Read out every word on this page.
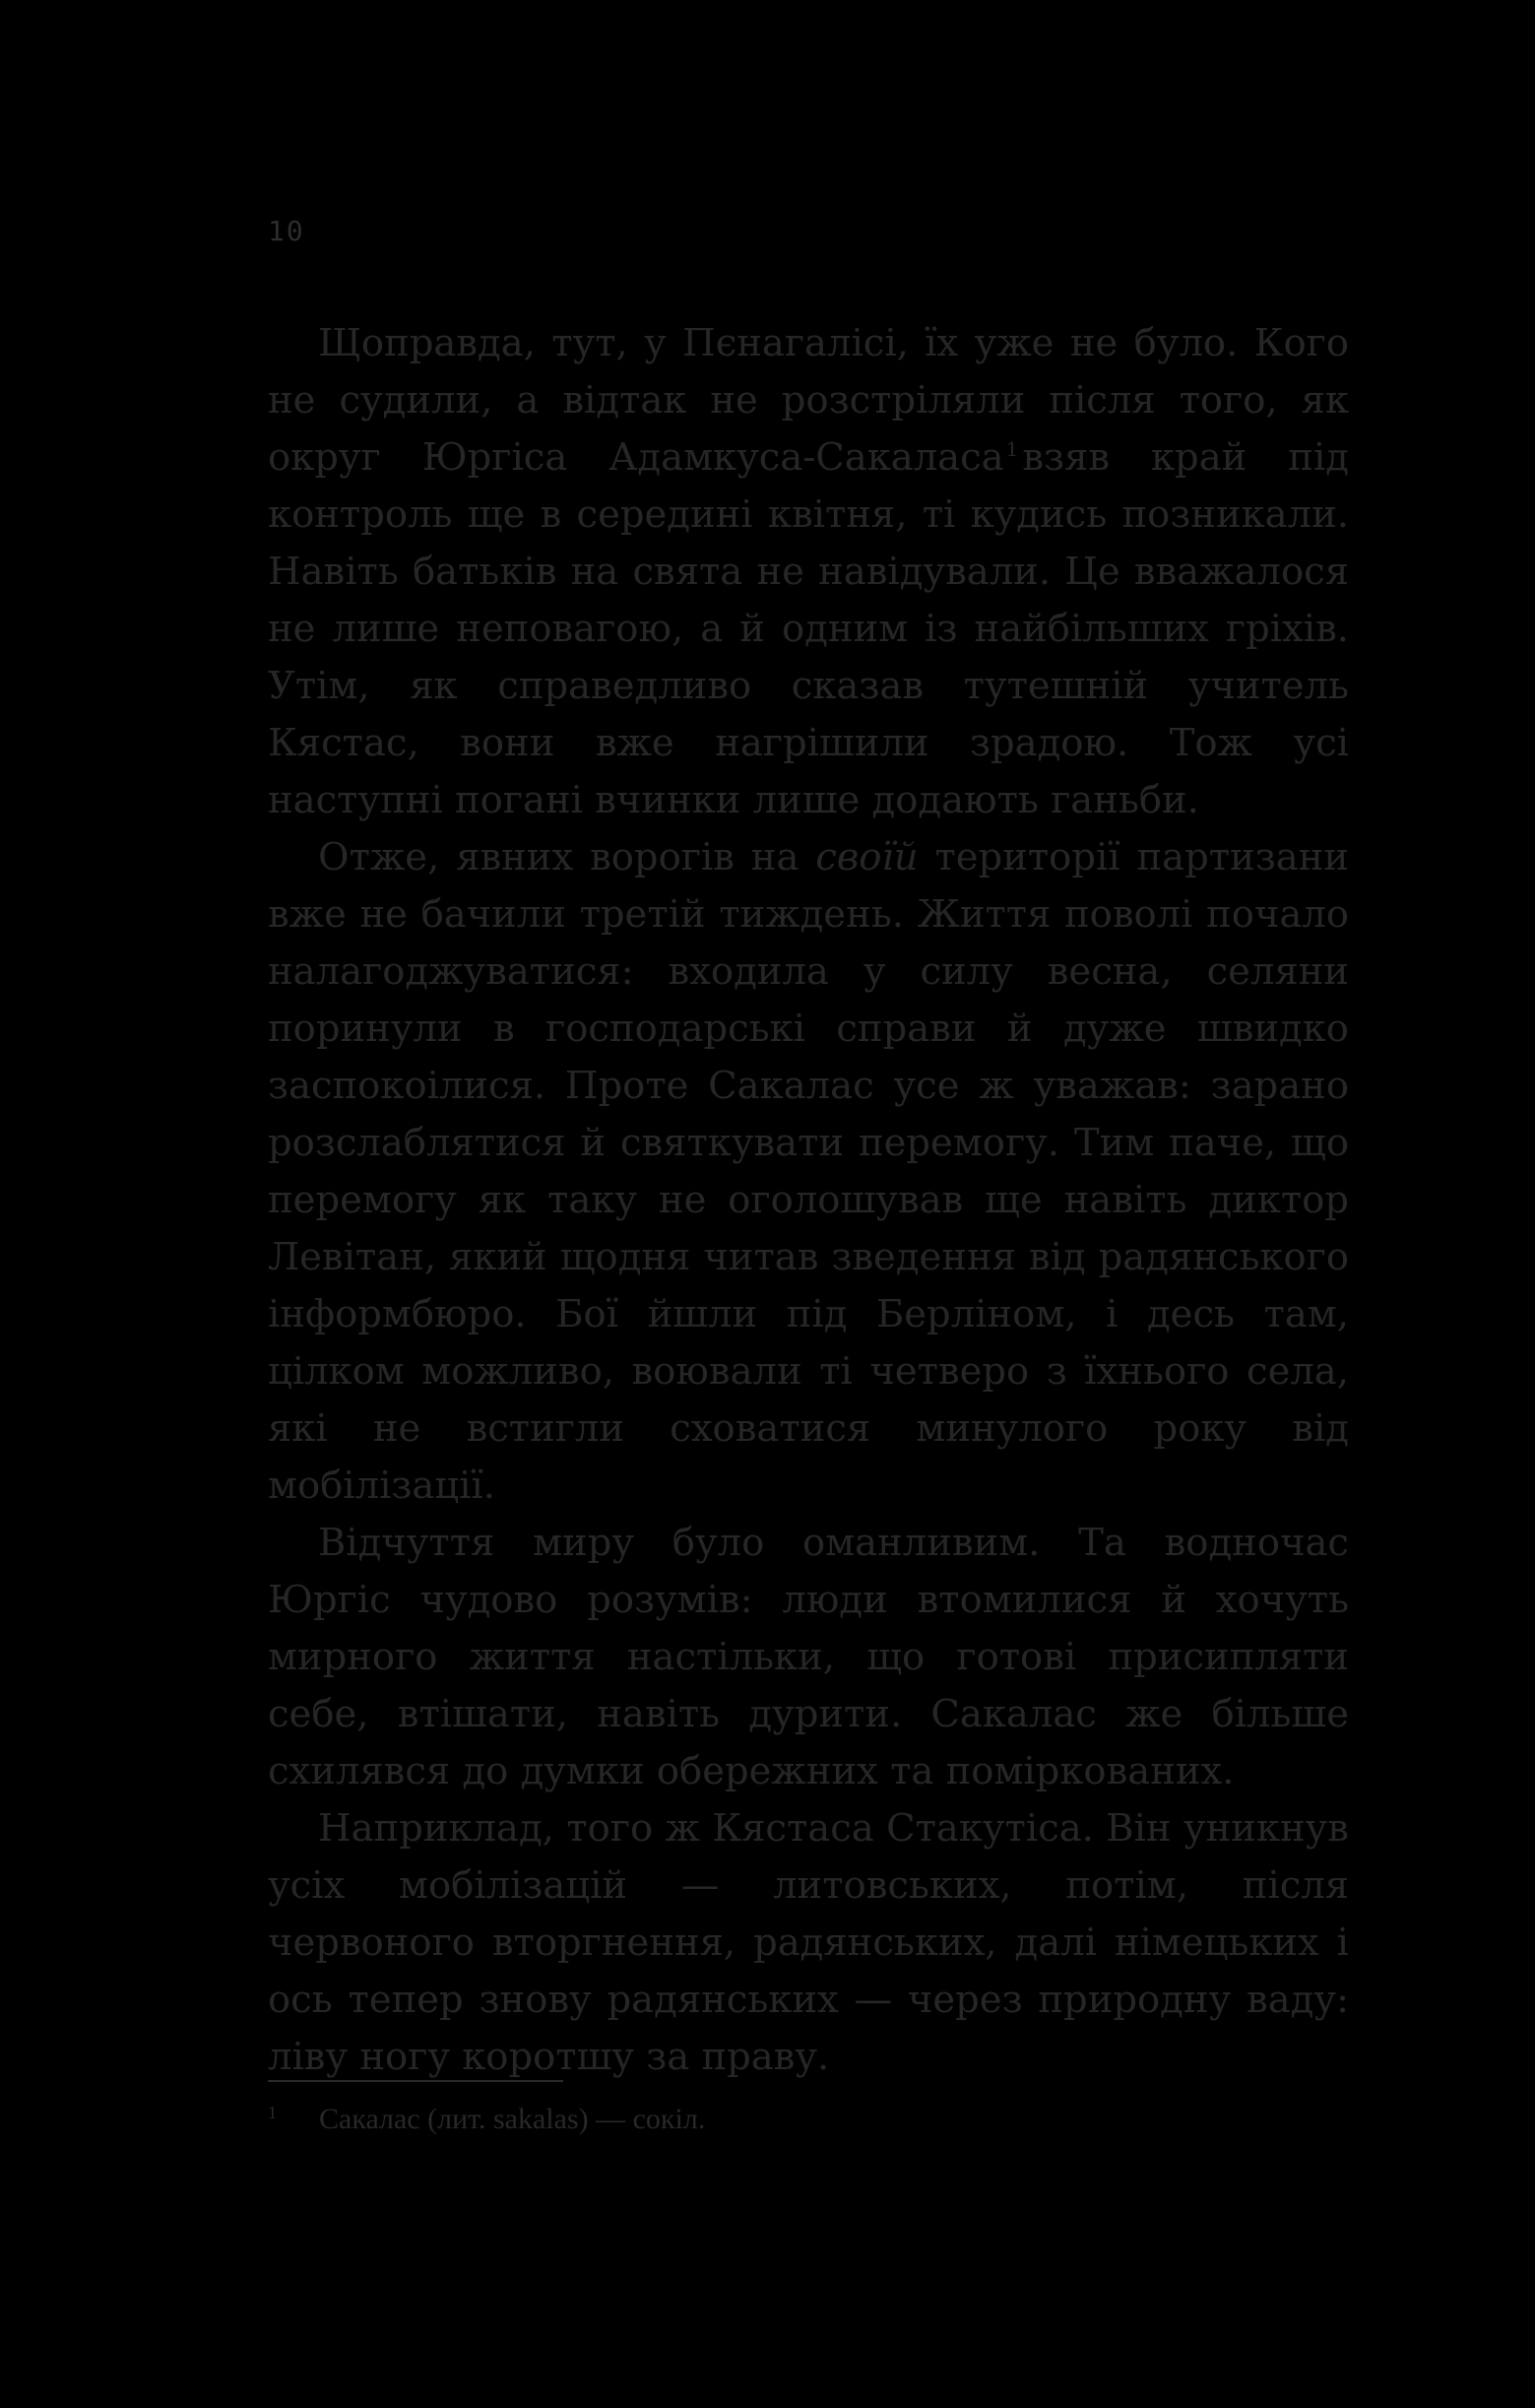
10

Щоправда, тут, у Пєнагалісі, їх уже не було. Кого не судили, а відтак не розстріляли після того, як округ Юргіса Адамкуса-Сакаласа $^1$ взяв край під контроль ще в середині квітня, ті кудись позникали. Навіть батьків на свята не навідували. Це вважалося не лише неповагою, а й одним із найбільших гріхів. Утім, як справедливо сказав тутешній учитель Кястас, вони вже нагрішили зрадою. Тож усі наступні погані вчинки лише додають ганьби.

Отже, явних ворогів на своїй території партизани вже не бачили третій тиждень. Життя поволі почало налагоджуватися: входила у силу весна, селяни поринули в господарські справи й дуже швидко заспокоілися. Проте Сакалас усе ж уважав: зарано розслаблятися й святкувати перемогу. Тим паче, що перемогу як таку не оголошував ще навіть диктор Левітан, який щодня читав зведення від радянського інформбюро. Бої йшли під Берліном, і десь там, цілком можливо, воювали ті четверо з їхнього села, які не встигли сховатися минулого року від мобілізації.

Відчуття миру було оманливим. Та водночас Юргіс чудово розумів: люди втомилися й хочуть мирного життя настільки, що готові присипляти себе, втішати, навіть дурити. Сакалас же більше схилявся до думки обережних та поміркованих.

Наприклад, того ж Кястаса Стакутіса. Він уникнув усіх мобілізацій — литовських, потім, після червоного вторгнення, радянських, далі німецьких і ось тепер знову радянських — через природну ваду: ліву ногу коротшу за праву.

1 Сакалас (лит. sakalas) — сокіл.
